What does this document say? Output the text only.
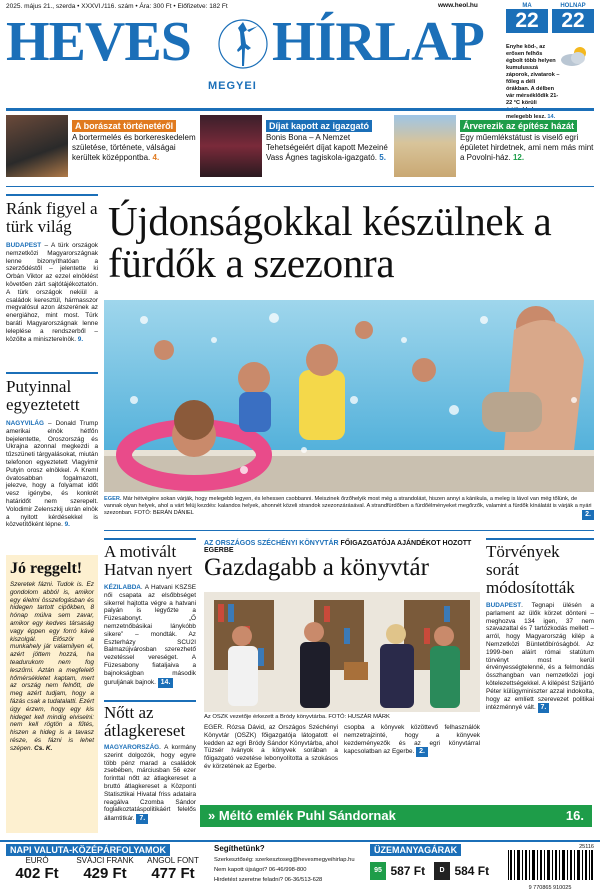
2025. május 21., szerda • XXXVI./116. szám • Ára: 300 Ft • Előfizetve: 182 Ft	www.heol.hu
HEVES HÍRLAP
MEGYEI
MA
22
HOLNAP
22
Enyhe köd-, az erősen felhős égbolt több helyen kumulusszá záporok, zivatarok – főleg a déli órákban. A délben vár mérséklődik 21-22 °C körüli melegebb lesz. 14.
A borászat történetéről
A bortermelés és borkereskedelem születése, története, válságai kerültek középpontba. 4.
Díjat kapott az igazgató
Bonis Bona – A Nemzet Tehetségeiért díjat kapott Mezeiné Vass Ágnes tagiskola-igazgató. 5.
Árverezik az építész házát
Egy műemlékstátust is viselő egri épületet hirdetnek, ami nem más mint a Povolni-ház. 12.
Ránk figyel a türk világ
BUDAPEST – A türk országok nemzetközi Magyarországnak lenne bizonyíthatóan a szerződéstől – jelentette ki Orbán Viktor az ezzel elnöklést követően zárt sajtótájékoztatón. A türk országok nekiül a családok keresztül, hármasszor megvalósul azon átszerének az energiához, mint most. Türk baráti Magyarországnak lenne leleplése a rendszerből – közölte a miniszterelnök. 9.
Putyinnal egyeztetett
NAGYVILÁG – Donald Trump amerikai elnök hétfőn bejelentette, Oroszország és Ukrajna azonnal megkezdi a tűzszüneti tárgyalásokat, miután telefonon egyeztetett Vlagyimir Putyin orosz elnökkel. A Kreml óvatosabban fogalmazott, jelezve, hogy a folyamat időt vesz igénybe, és konkrét határidőt nem szerepelt. Volodimir Zelenszkij ukrán elnök a nyitott kérdésekkel is közvetítőként lépne. 9.
Újdonságokkal készülnek a fürdők a szezonra
EGER. Már hétvégére sokan várják, hogy melegebb legyen, és lehessen csobbanni. Meiszinek őrzőhelyik most még a strandolást, hiszen annyi a kánikula, a meleg is lávol van még tőlünk, de vannak olyan helyek, ahol a várt felúj kezdés: kalandos helyek, ahonnét közeli strandok szezonzárásával. A strandfürdőben a fürdőélményeket megőrzők, valamint a fürdők kínálatát is várják a nyári szezonban. FOTÓ: BERÁN DÁNIEL	2.
Jó reggelt!
Szeretek fázni. Tudok is. Ez gondolom abból is, amikor egy élelmi összefogásban és hidegen tartott cipőkben, 8 hónap múlva sem zavar, amikor egy kedves társaság vagy éppen egy forró kávé kiszolgál. Először a munkahely jár valamilyen el, azért jöttem hozzá, ha teadurukom nem fog leszűrni. Aztán a megfelelő hőmérsékletet kaptam, mert az ország nem felnőtt, de meg azért tudjam, hogy a fázás csak a tudatalatti. Ezért úgy érzem, hogy egy kis hideget kell mindig elviselni: nem kell rögtön a fűtés, hiszen a hideg is a tavasz része, és fázni is lehet szépen. Cs. K.
A motivált Hatvan nyert
KÉZILABDA. A Hatvani KSZSE női csapata az elsőbbséget sikerrel hajtotta végre a hatvani palyán is legyőzte a Füzesabonyt. „Ő nemzetnőbásikai lánykóbb sikere” – mondták. Az Eszterházy SCU2I Balmazújvárosban szerezhető vezetéssel vereséget. A Füzesabony fiataljaiva a bajnokságban második guruljának bajnok. 14.
Nőtt az átlagkereset
MAGYARORSZÁG. A kormány szerint dolgozók, hogy egyre több pénz marad a családok zsebében, márciusban 56 ezer forinttal nőtt az átlagkereset a bruttó átlagkereset a Központi Statisztikai Hivatal friss adataira reagálva Czomba Sándor foglalkoztatáspolitikáért felelős államtitkár. 7.
AZ ORSZÁGOS SZÉCHÉNYI KÖNYVTÁR FŐIGAZGATÓJA AJÁNDÉKOT HOZOTT EGERBE
Gazdagabb a könyvtár
Az OSZK vezetője érkezett a Bródy könyvtárba. FOTÓ: HUSZÁR MÁRK
EGER. Rózsa Dávid, az Országos Széchényi Könyvtár (OSZK) főigazgatója látogatott el kedden az egri Bródy Sándor Könyvtárba, ahol Tüzsér Iványok a könyvek sorában a főigazgató vezetése lebonyolította a szokásos év körzetének az Egerbe.
csopba a könyvek közöttevő felhasználók nemzetrajzinté, hogy a könyvek kezdeményezők és az egri könyvtárral kapcsolatban az Egerbe. 2.
Törvények sorát módosították
BUDAPEST. Tegnapi ülésén a parlament az ülők körzet dönteni – meghozva 134 igen, 37 nem szavazattal és 7 tartózkodás mellett – arról, hogy Magyarország kilép a Nemzetközi Büntetőbíróságból. Az 1999-ben aláírt római statútum törvényt most kerül érvényességtelenné, és a felmondás összhangban van nemzetközi jogi kötelezettségekkel. A kilépést Szijjártó Péter külügyminiszter azzal indokolta, hogy az emlíett szerevezet politikai intézménnyé vált. 7.
» Méltó emlék Puhl Sándornak	16.
NAPI VALUTA-KÖZÉPÁRFOLYAMOK
EURÓ
402 Ft
SVÁJCI FRANK
429 Ft
ANGOL FONT
477 Ft
Segíthetünk?
Szerkesztőség: szerkesztoseg@hevesmegyeihirlap.hu
Nem kapott újságot? 06-46/998-800
Hirdetést szeretne feladni? 06-36/513-628
ÜZEMANYAGÁRAK
95 587 Ft	D 584 Ft
25116
9 770865 910025
